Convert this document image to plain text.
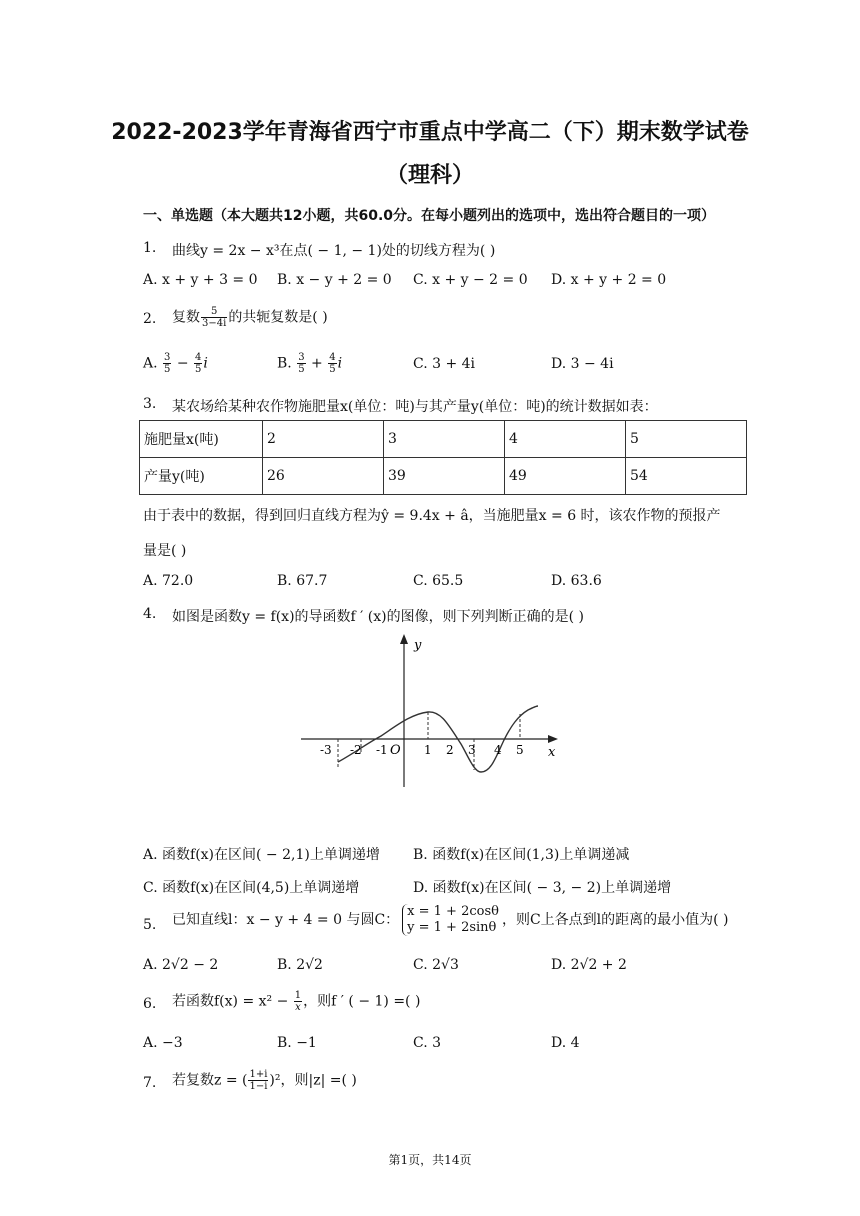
2022-2023学年青海省西宁市重点中学高二（下）期末数学试卷
（理科）
一、单选题（本大题共12小题，共60.0分。在每小题列出的选项中，选出符合题目的一项）
1. 曲线y = 2x − x³在点( − 1, − 1)处的切线方程为( )
A. x + y + 3 = 0 B. x − y + 2 = 0 C. x + y − 2 = 0 D. x + y + 2 = 0
2. 复数 $\frac{5}{3-4i}$ 的共轭复数是( )
A. $\frac{3}{5} - \frac{4}{5}$ i	B. $\frac{3}{5} + \frac{4}{5}$ i	C. 3 + 4i	D. 3 − 4i
3. 某农场给某种农作物施肥量x(单位：吨)与其产量y(单位：吨)的统计数据如表：
施肥量x(吨)	2	3	4	5
产量y(吨)	26	39	49	54
由于表中的数据，得到回归直线方程为ŷ = 9.4x + â，当施肥量x = 6 时，该农作物的预报产
量是( )
A. 72.0	B. 67.7	C. 65.5	D. 63.6
4. 如图是函数y = f(x)的导函数f ′ (x)的图像，则下列判断正确的是( )
y
x
O
-3 -2 -1	1 2 3 4 5
A. 函数f(x)在区间( − 2,1)上单调递增 B. 函数f(x)在区间(1,3)上单调递减
C. 函数f(x)在区间(4,5)上单调递增	D. 函数f(x)在区间( − 3, − 2)上单调递增
5. 已知直线l：x − y + 4 = 0 与圆C：
x = 1 + 2cosθ
y = 1 + 2sinθ ，则C上各点到l的距离的最小值为( )
A. 2√2 − 2	B. 2√2	C. 2√3	D. 2√2 + 2
6. 若函数$f(x) = x^2 - \frac{1}{x}$ ，则f ′ ( − 1) =( )
A. −3	B. −1	C. 3	D. 4
7. 若复数z = ( $\frac{1+i}{1-i} )^2$，则|z| =( )
第1页，共14页
